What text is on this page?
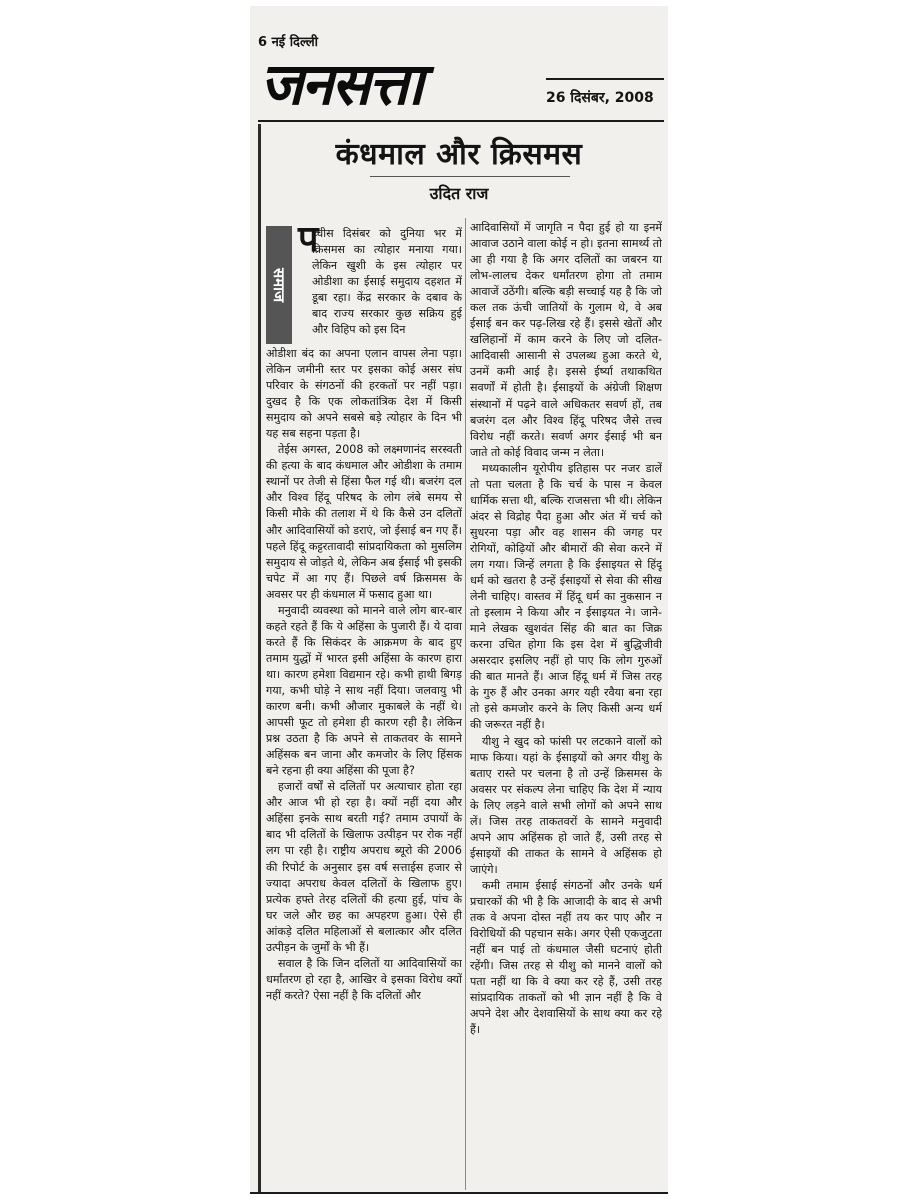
6 नई दिल्ली
जनसत्ता	26 दिसंबर, 2008
कंधमाल और क्रिसमस
उदित राज
समाज
प

च्चीस दिसंबर को दुनिया भर में क्रिसमस का त्योहार मनाया गया। लेकिन खुशी के इस त्योहार पर ओडीशा का ईसाई समुदाय दहशत में डूबा रहा। केंद्र सरकार के दबाव के बाद राज्य सरकार कुछ सक्रिय हुई और विहिप को इस दिन

ओडीशा बंद का अपना एलान वापस लेना पड़ा। लेकिन जमीनी स्तर पर इसका कोई असर संघ परिवार के संगठनों की हरकतों पर नहीं पड़ा। दुखद है कि एक लोकतांत्रिक देश में किसी समुदाय को अपने सबसे बड़े त्योहार के दिन भी यह सब सहना पड़ता है।

तेईस अगस्त, 2008 को लक्ष्मणानंद सरस्वती की हत्या के बाद कंधमाल और ओडीशा के तमाम स्थानों पर तेजी से हिंसा फैल गई थी। बजरंग दल और विश्व हिंदू परिषद के लोग लंबे समय से किसी मौके की तलाश में थे कि कैसे उन दलितों और आदिवासियों को डराएं, जो ईसाई बन गए हैं। पहले हिंदू कट्टरतावादी सांप्रदायिकता को मुसलिम समुदाय से जोड़ते थे, लेकिन अब ईसाई भी इसकी चपेट में आ गए हैं। पिछले वर्ष क्रिसमस के अवसर पर ही कंधमाल में फसाद हुआ था।

मनुवादी व्यवस्था को मानने वाले लोग बार-बार कहते रहते हैं कि ये अहिंसा के पुजारी हैं। ये दावा करते हैं कि सिकंदर के आक्रमण के बाद हुए तमाम युद्धों में भारत इसी अहिंसा के कारण हारा था। कारण हमेशा विद्यमान रहे। कभी हाथी बिगड़ गया, कभी घोड़े ने साथ नहीं दिया। जलवायु भी कारण बनी। कभी औजार मुकाबले के नहीं थे। आपसी फूट तो हमेशा ही कारण रही है। लेकिन प्रश्न उठता है कि अपने से ताकतवर के सामने अहिंसक बन जाना और कमजोर के लिए हिंसक बने रहना ही क्या अहिंसा की पूजा है?

हजारों वर्षों से दलितों पर अत्याचार होता रहा और आज भी हो रहा है। क्यों नहीं दया और अहिंसा इनके साथ बरती गई? तमाम उपायों के बाद भी दलितों के खिलाफ उत्पीड़न पर रोक नहीं लग पा रही है। राष्ट्रीय अपराध ब्यूरो की 2006 की रिपोर्ट के अनुसार इस वर्ष सत्ताईस हजार से ज्यादा अपराध केवल दलितों के खिलाफ हुए। प्रत्येक हफ्ते तेरह दलितों की हत्या हुई, पांच के घर जले और छह का अपहरण हुआ। ऐसे ही आंकड़े दलित महिलाओं से बलात्कार और दलित उत्पीड़न के जुर्मों के भी हैं।

सवाल है कि जिन दलितों या आदिवासियों का धर्मांतरण हो रहा है, आखिर वे इसका विरोध क्यों नहीं करते? ऐसा नहीं है कि दलितों और

आदिवासियों में जागृति न पैदा हुई हो या इनमें आवाज उठाने वाला कोई न हो। इतना सामर्थ्य तो आ ही गया है कि अगर दलितों का जबरन या लोभ-लालच देकर धर्मांतरण होगा तो तमाम आवाजें उठेंगी। बल्कि बड़ी सच्चाई यह है कि जो कल तक ऊंची जातियों के गुलाम थे, वे अब ईसाई बन कर पढ़-लिख रहे हैं। इससे खेतों और खलिहानों में काम करने के लिए जो दलित-आदिवासी आसानी से उपलब्ध हुआ करते थे, उनमें कमी आई है। इससे ईर्ष्या तथाकथित सवर्णों में होती है। ईसाइयों के अंग्रेजी शिक्षण संस्थानों में पढ़ने वाले अधिकतर सवर्ण हों, तब बजरंग दल और विश्व हिंदू परिषद जैसे तत्त्व विरोध नहीं करते। सवर्ण अगर ईसाई भी बन जाते तो कोई विवाद जन्म न लेता।

मध्यकालीन यूरोपीय इतिहास पर नजर डालें तो पता चलता है कि चर्च के पास न केवल धार्मिक सत्ता थी, बल्कि राजसत्ता भी थी। लेकिन अंदर से विद्रोह पैदा हुआ और अंत में चर्च को सुधरना पड़ा और वह शासन की जगह पर रोगियों, कोढ़ियों और बीमारों की सेवा करने में लग गया। जिन्हें लगता है कि ईसाइयत से हिंदू धर्म को खतरा है उन्हें ईसाइयों से सेवा की सीख लेनी चाहिए। वास्तव में हिंदू धर्म का नुकसान न तो इस्लाम ने किया और न ईसाइयत ने। जाने-माने लेखक खुशवंत सिंह की बात का जिक्र करना उचित होगा कि इस देश में बुद्धिजीवी असरदार इसलिए नहीं हो पाए कि लोग गुरुओं की बात मानते हैं। आज हिंदू धर्म में जिस तरह के गुरु हैं और उनका अगर यही रवैया बना रहा तो इसे कमजोर करने के लिए किसी अन्य धर्म की जरूरत नहीं है।

यीशु ने खुद को फांसी पर लटकाने वालों को माफ किया। यहां के ईसाइयों को अगर यीशु के बताए रास्ते पर चलना है तो उन्हें क्रिसमस के अवसर पर संकल्प लेना चाहिए कि देश में न्याय के लिए लड़ने वाले सभी लोगों को अपने साथ लें। जिस तरह ताकतवरों के सामने मनुवादी अपने आप अहिंसक हो जाते हैं, उसी तरह से ईसाइयों की ताकत के सामने वे अहिंसक हो जाएंगे।

कमी तमाम ईसाई संगठनों और उनके धर्म प्रचारकों की भी है कि आजादी के बाद से अभी तक वे अपना दोस्त नहीं तय कर पाए और न विरोधियों की पहचान सके। अगर ऐसी एकजुटता नहीं बन पाई तो कंधमाल जैसी घटनाएं होती रहेंगी। जिस तरह से यीशु को मानने वालों को पता नहीं था कि वे क्या कर रहे हैं, उसी तरह सांप्रदायिक ताकतों को भी ज्ञान नहीं है कि वे अपने देश और देशवासियों के साथ क्या कर रहे हैं।
